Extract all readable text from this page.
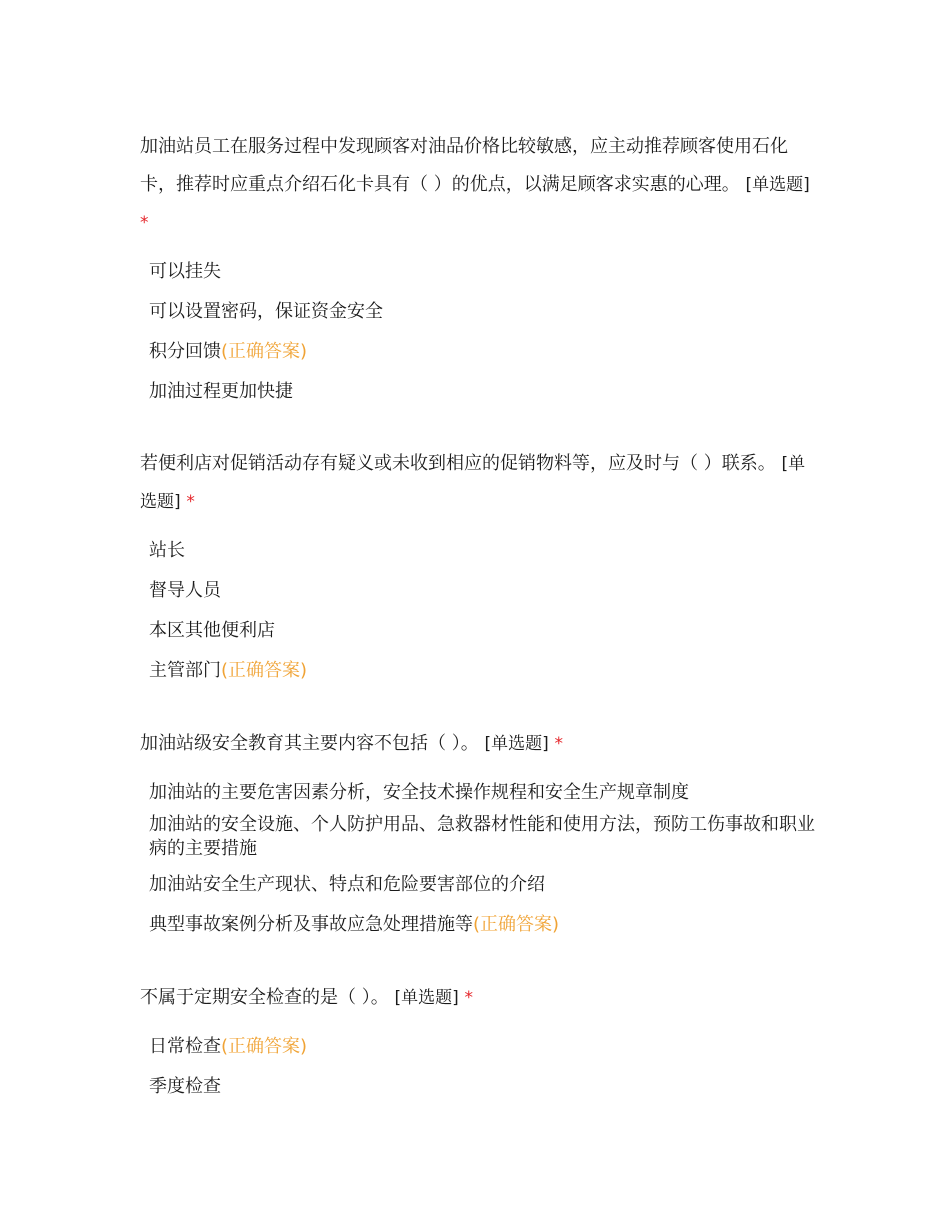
加油站员工在服务过程中发现顾客对油品价格比较敏感，应主动推荐顾客使用石化卡，推荐时应重点介绍石化卡具有（ ）的优点，以满足顾客求实惠的心理。 [单选题] *

可以挂失
可以设置密码，保证资金安全
积分回馈(正确答案)
加油过程更加快捷

若便利店对促销活动存有疑义或未收到相应的促销物料等，应及时与（ ）联系。 [单选题] *

站长
督导人员
本区其他便利店
主管部门(正确答案)

加油站级安全教育其主要内容不包括（ ）。 [单选题] *

加油站的主要危害因素分析，安全技术操作规程和安全生产规章制度
加油站的安全设施、个人防护用品、急救器材性能和使用方法，预防工伤事故和职业病的主要措施
加油站安全生产现状、特点和危险要害部位的介绍
典型事故案例分析及事故应急处理措施等(正确答案)

不属于定期安全检查的是（ ）。 [单选题] *

日常检查(正确答案)
季度检查
